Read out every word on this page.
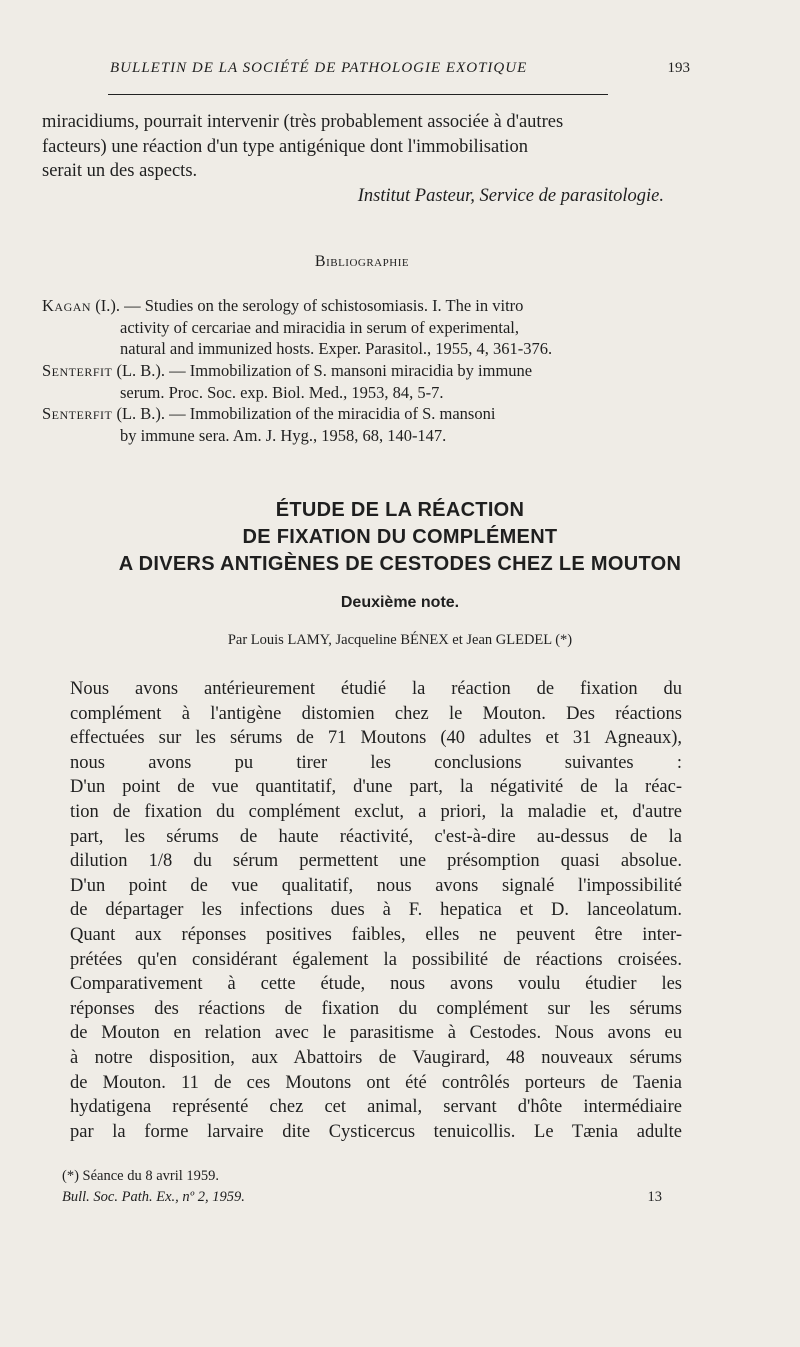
BULLETIN DE LA SOCIÉTÉ DE PATHOLOGIE EXOTIQUE	193
miracidiums, pourrait intervenir (très probablement associée à d'autres
facteurs) une réaction d'un type antigénique dont l'immobilisation
serait un des aspects.
Institut Pasteur, Service de parasitologie.
Bibliographie
Kagan (I.). — Studies on the serology of schistosomiasis. I. The in vitro
activity of cercariae and miracidia in serum of experimental,
natural and immunized hosts. Exper. Parasitol., 1955, 4, 361-376.
Senterfit (L. B.). — Immobilization of S. mansoni miracidia by immune
serum. Proc. Soc. exp. Biol. Med., 1953, 84, 5-7.
Senterfit (L. B.). — Immobilization of the miracidia of S. mansoni
by immune sera. Am. J. Hyg., 1958, 68, 140-147.
ÉTUDE DE LA RÉACTION
DE FIXATION DU COMPLÉMENT
A DIVERS ANTIGÈNES DE CESTODES CHEZ LE MOUTON
Deuxième note.
Par Louis LAMY, Jacqueline BÉNEX et Jean GLEDEL (*)

Nous avons antérieurement étudié la réaction de fixation du
complément à l'antigène distomien chez le Mouton. Des réactions
effectuées sur les sérums de 71 Moutons (40 adultes et 31 Agneaux),
nous avons pu tirer les conclusions suivantes :

D'un point de vue quantitatif, d'une part, la négativité de la réac-
tion de fixation du complément exclut, a priori, la maladie et, d'autre
part, les sérums de haute réactivité, c'est-à-dire au-dessus de la
dilution 1/8 du sérum permettent une présomption quasi absolue.

D'un point de vue qualitatif, nous avons signalé l'impossibilité
de départager les infections dues à F. hepatica et D. lanceolatum.
Quant aux réponses positives faibles, elles ne peuvent être inter-
prétées qu'en considérant également la possibilité de réactions croisées.

Comparativement à cette étude, nous avons voulu étudier les
réponses des réactions de fixation du complément sur les sérums
de Mouton en relation avec le parasitisme à Cestodes. Nous avons eu
à notre disposition, aux Abattoirs de Vaugirard, 48 nouveaux sérums
de Mouton. 11 de ces Moutons ont été contrôlés porteurs de Taenia
hydatigena représenté chez cet animal, servant d'hôte intermédiaire
par la forme larvaire dite Cysticercus tenuicollis. Le Tænia adulte

(*) Séance du 8 avril 1959.
Bull. Soc. Path. Ex., nº 2, 1959.	13
